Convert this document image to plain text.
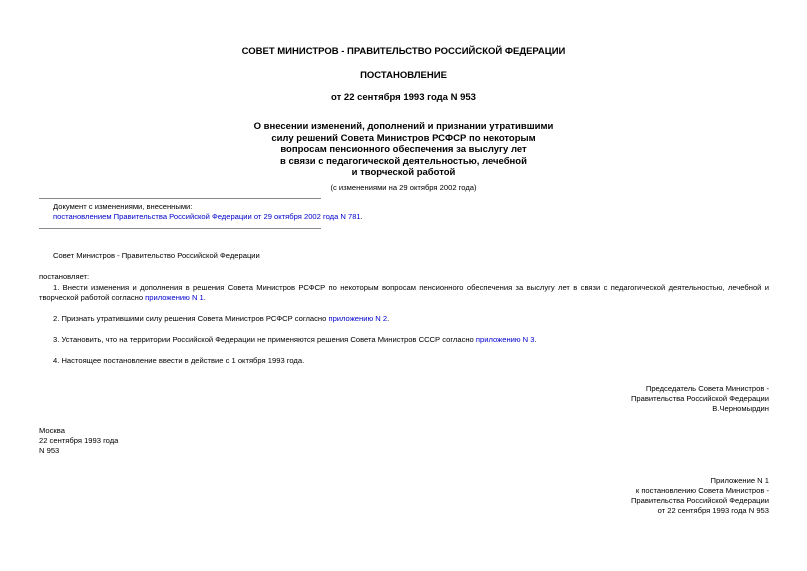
СОВЕТ МИНИСТРОВ - ПРАВИТЕЛЬСТВО РОССИЙСКОЙ ФЕДЕРАЦИИ
ПОСТАНОВЛЕНИЕ
от 22 сентября 1993 года N 953
О внесении изменений, дополнений и признании утратившими
силу решений Совета Министров РСФСР по некоторым
вопросам пенсионного обеспечения за выслугу лет
в связи с педагогической деятельностью, лечебной
и творческой работой
(с изменениями на 29 октября 2002 года)
Документ с изменениями, внесенными:
постановлением Правительства Российской Федерации от 29 октября 2002 года N 781.
Совет Министров - Правительство Российской Федерации
постановляет:
1. Внести изменения и дополнения в решения Совета Министров РСФСР по некоторым вопросам пенсионного обеспечения за выслугу лет в связи с педагогической деятельностью, лечебной и творческой работой согласно приложению N 1.
2. Признать утратившими силу решения Совета Министров РСФСР согласно приложению N 2.
3. Установить, что на территории Российской Федерации не применяются решения Совета Министров СССР согласно приложению N 3.
4. Настоящее постановление ввести в действие с 1 октября 1993 года.
Председатель Совета Министров -
Правительства Российской Федерации
В.Черномырдин
Москва
22 сентября 1993 года
N 953
Приложение N 1
к постановлению Совета Министров -
Правительства Российской Федерации
от 22 сентября 1993 года N 953
